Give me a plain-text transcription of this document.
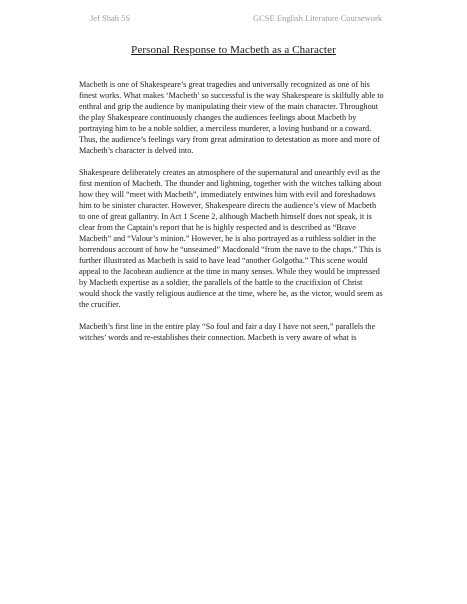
Jef Shah 5S	GCSE English Literature Coursework
Personal Response to Macbeth as a Character

Macbeth is one of Shakespeare’s great tragedies and universally recognized as one of his
finest works. What makes ‘Macbeth’ so successful is the way Shakespeare is skilfully able to
enthral and grip the audience by manipulating their view of the main character. Throughout
the play Shakespeare continuously changes the audiences feelings about Macbeth by
portraying him to be a noble soldier, a merciless murderer, a loving husband or a coward.
Thus, the audience’s feelings vary from great admiration to detestation as more and more of
Macbeth’s character is delved into.

Shakespeare deliberately creates an atmosphere of the supernatural and unearthly evil as the
first mention of Macbeth. The thunder and lightning, together with the witches talking about
how they will “meet with Macbeth”, immediately entwines him with evil and foreshadows
him to be sinister character. However, Shakespeare directs the audience’s view of Macbeth
to one of great gallantry. In Act 1 Scene 2, although Macbeth himself does not speak, it is
clear from the Captain’s report that he is highly respected and is described as “Brave
Macbeth” and “Valour’s minion.” However, he is also portrayed as a ruthless soldier in the
horrendous account of how he “unseamed” Macdonald “from the nave to the chaps.” This is
further illustrated as Macbeth is said to have lead “another Golgotha.” This scene would
appeal to the Jacobean audience at the time in many senses. While they would be impressed
by Macbeth expertise as a soldier, the parallels of the battle to the crucifixion of Christ
would shock the vastly religious audience at the time, where he, as the victor, would seem as
the crucifier.

Macbeth’s first line in the entire play “So foul and fair a day I have not seen,” parallels the
witches’ words and re-establishes their connection. Macbeth is very aware of what is
